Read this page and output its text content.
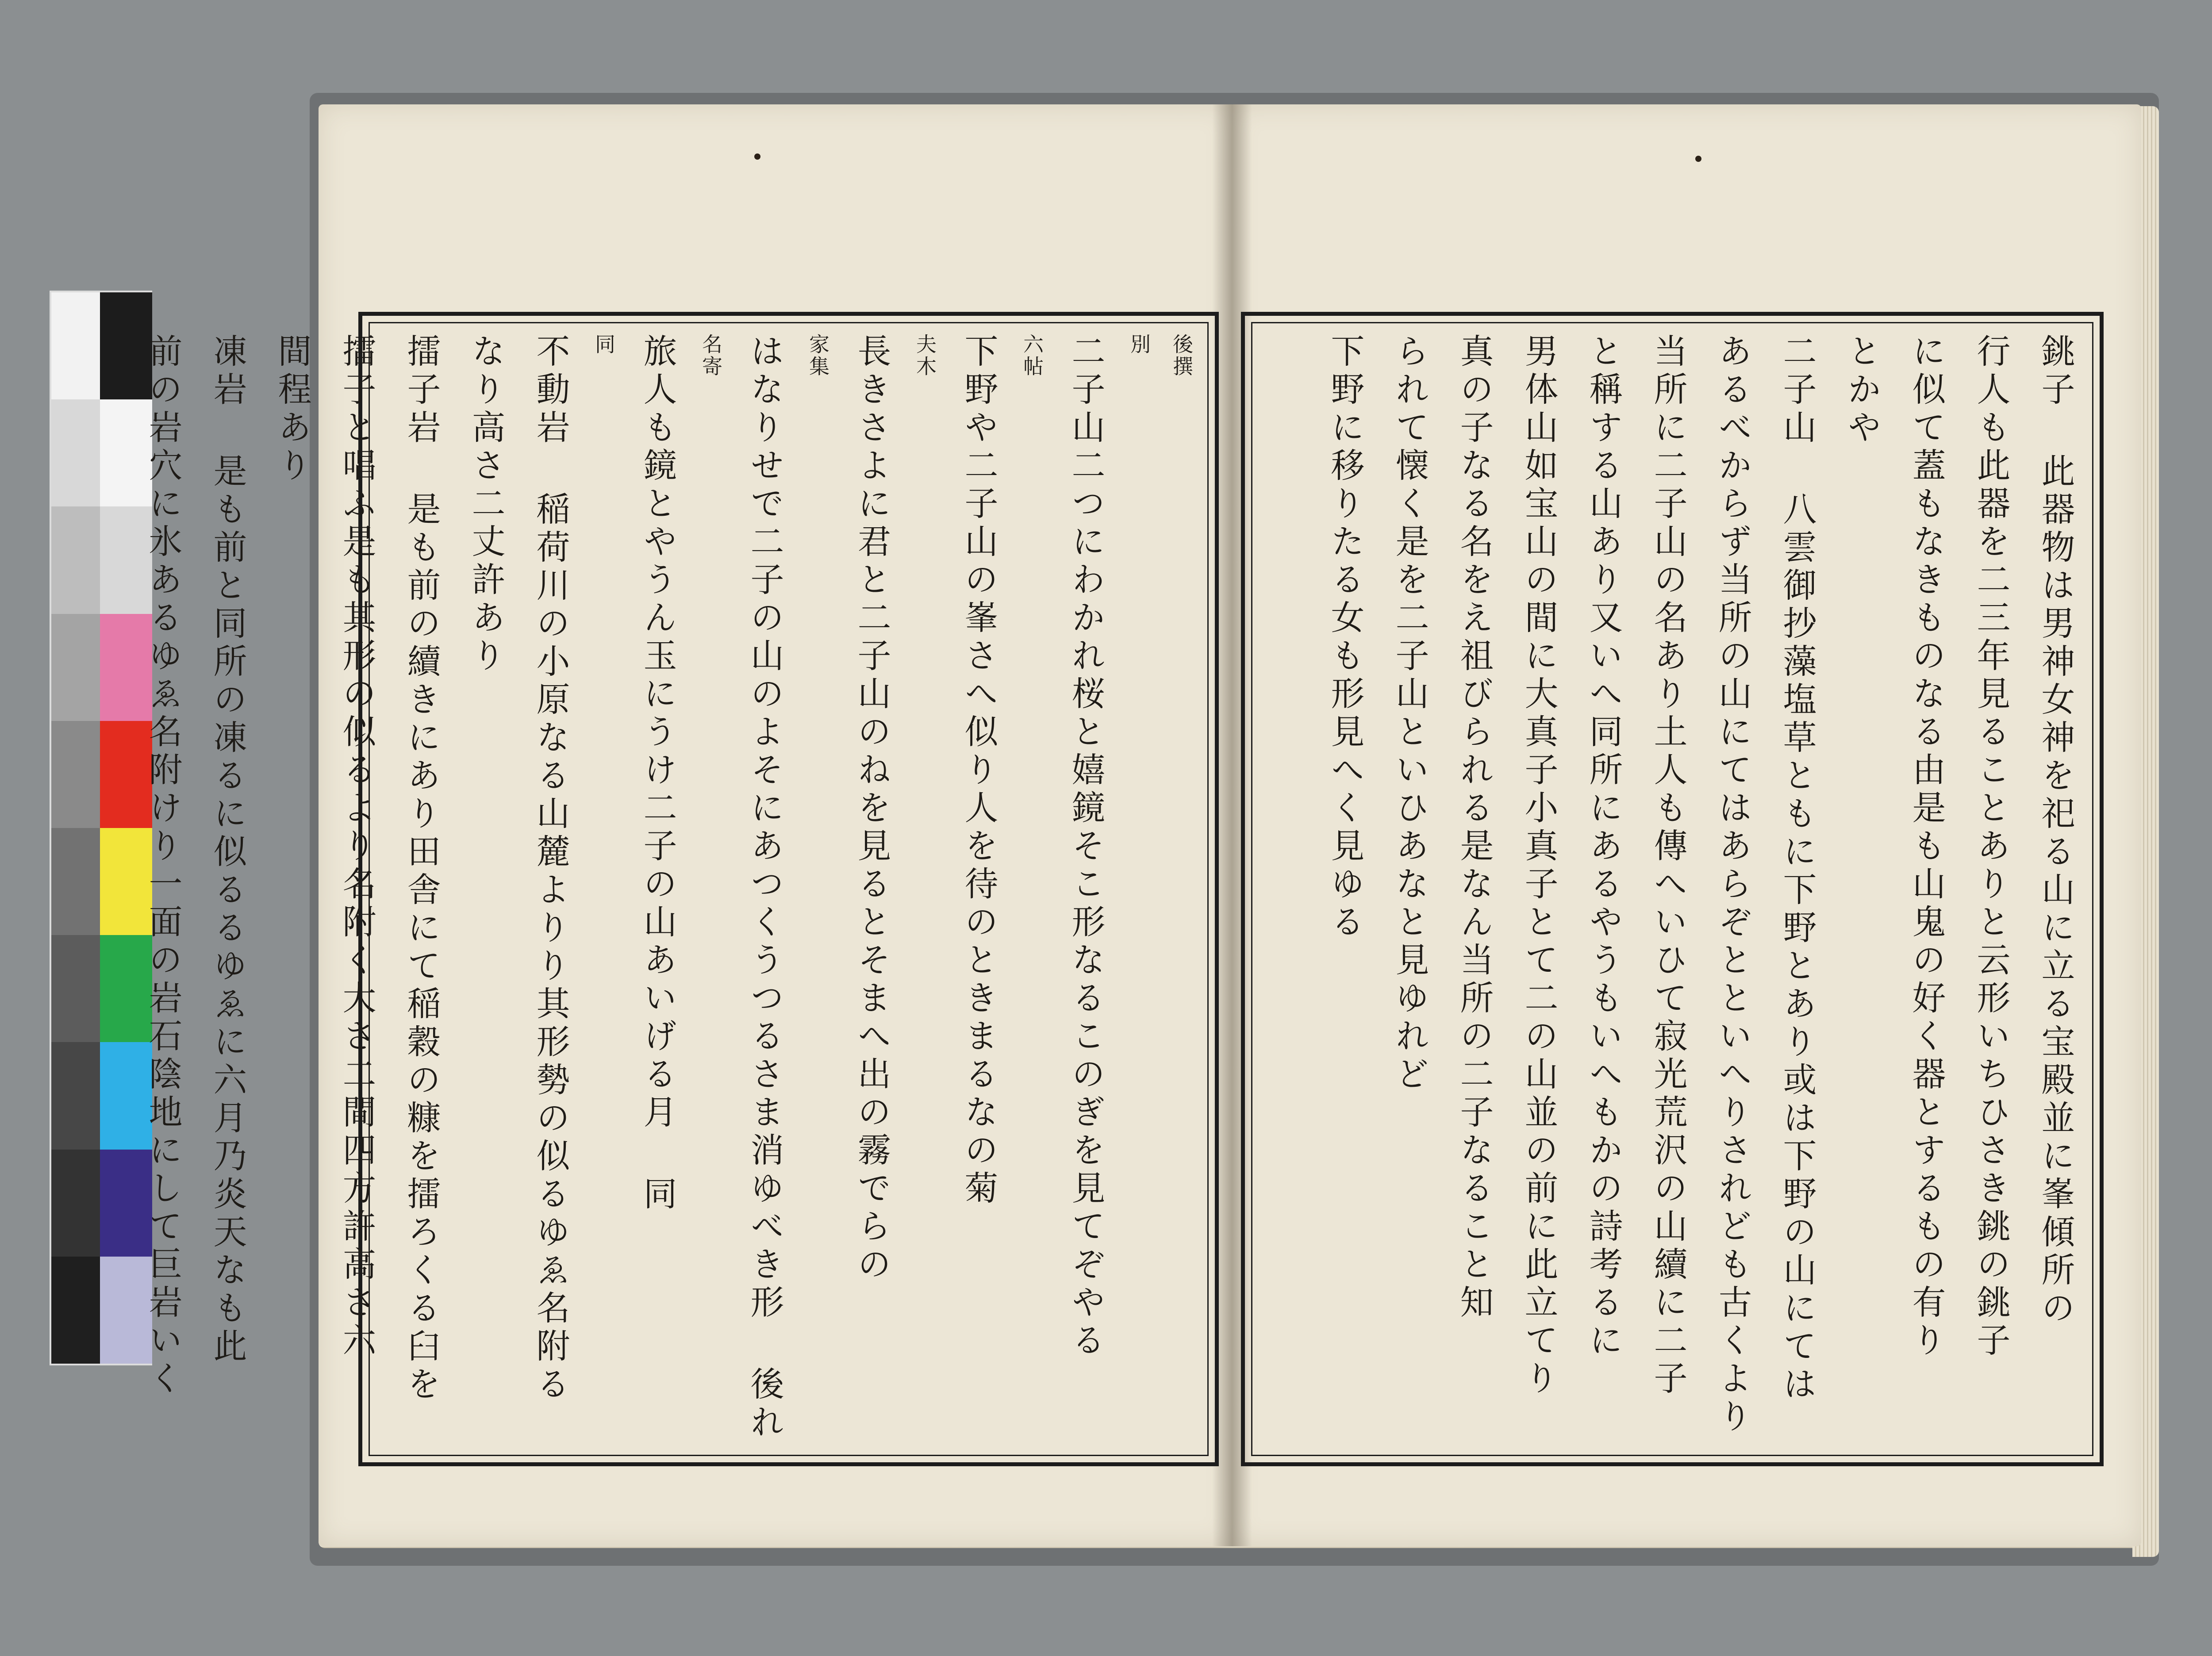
後撰
別
二子山二つにわかれ桜と嬉鏡そこ形なるこのぎを見てぞやる
六帖
下野や二子山の峯さへ似り人を待のときまるなの菊
夫木
長きさよに君と二子山のねを見るとそまへ出の霧でらの
家集
はなりせで二子の山のよそにあつくうつるさま消ゆべき形 後れ
名寄
旅人も鏡とやうん玉にうけ二子の山あいげる月 同
同
不動岩 稲荷川の小原なる山麓よりり其形勢の似るゆゑ名附る
なり高さ二丈許あり
擂子岩 是も前の續きにあり田舎にて稲穀の糠を擂ろくる臼を
擂子と唱ふ是も其形の似るより名附く大さ二間四方許高さ六
間程あり
凍岩 是も前と同所の凍るに似るるゆゑに六月乃炎天なも此
前の岩穴に氷あるゆゑ名附けり一面の岩石陰地にして巨岩いく	銚子 此器物は男神女神を祀る山に立る宝殿並に峯傾所の
行人も此器を二三年見ることありと云形いちひさき銚の銚子
に似て蓋もなきものなる由是も山鬼の好く器とするもの有り
とかや
二子山 八雲御抄藻塩草ともに下野とあり或は下野の山にては
あるべからず当所の山にてはあらぞとといへりされども古くより
当所に二子山の名あり土人も傳へいひて寂光荒沢の山續に二子
と稱する山あり又いへ同所にあるやうもいへもかの詩考るに
男体山如宝山の間に大真子小真子とて二の山並の前に此立てり
真の子なる名をえ祖びられる是なん当所の二子なること知
られて懐く是を二子山といひあなと見ゆれど
下野に移りたる女も形見へく見ゆる
